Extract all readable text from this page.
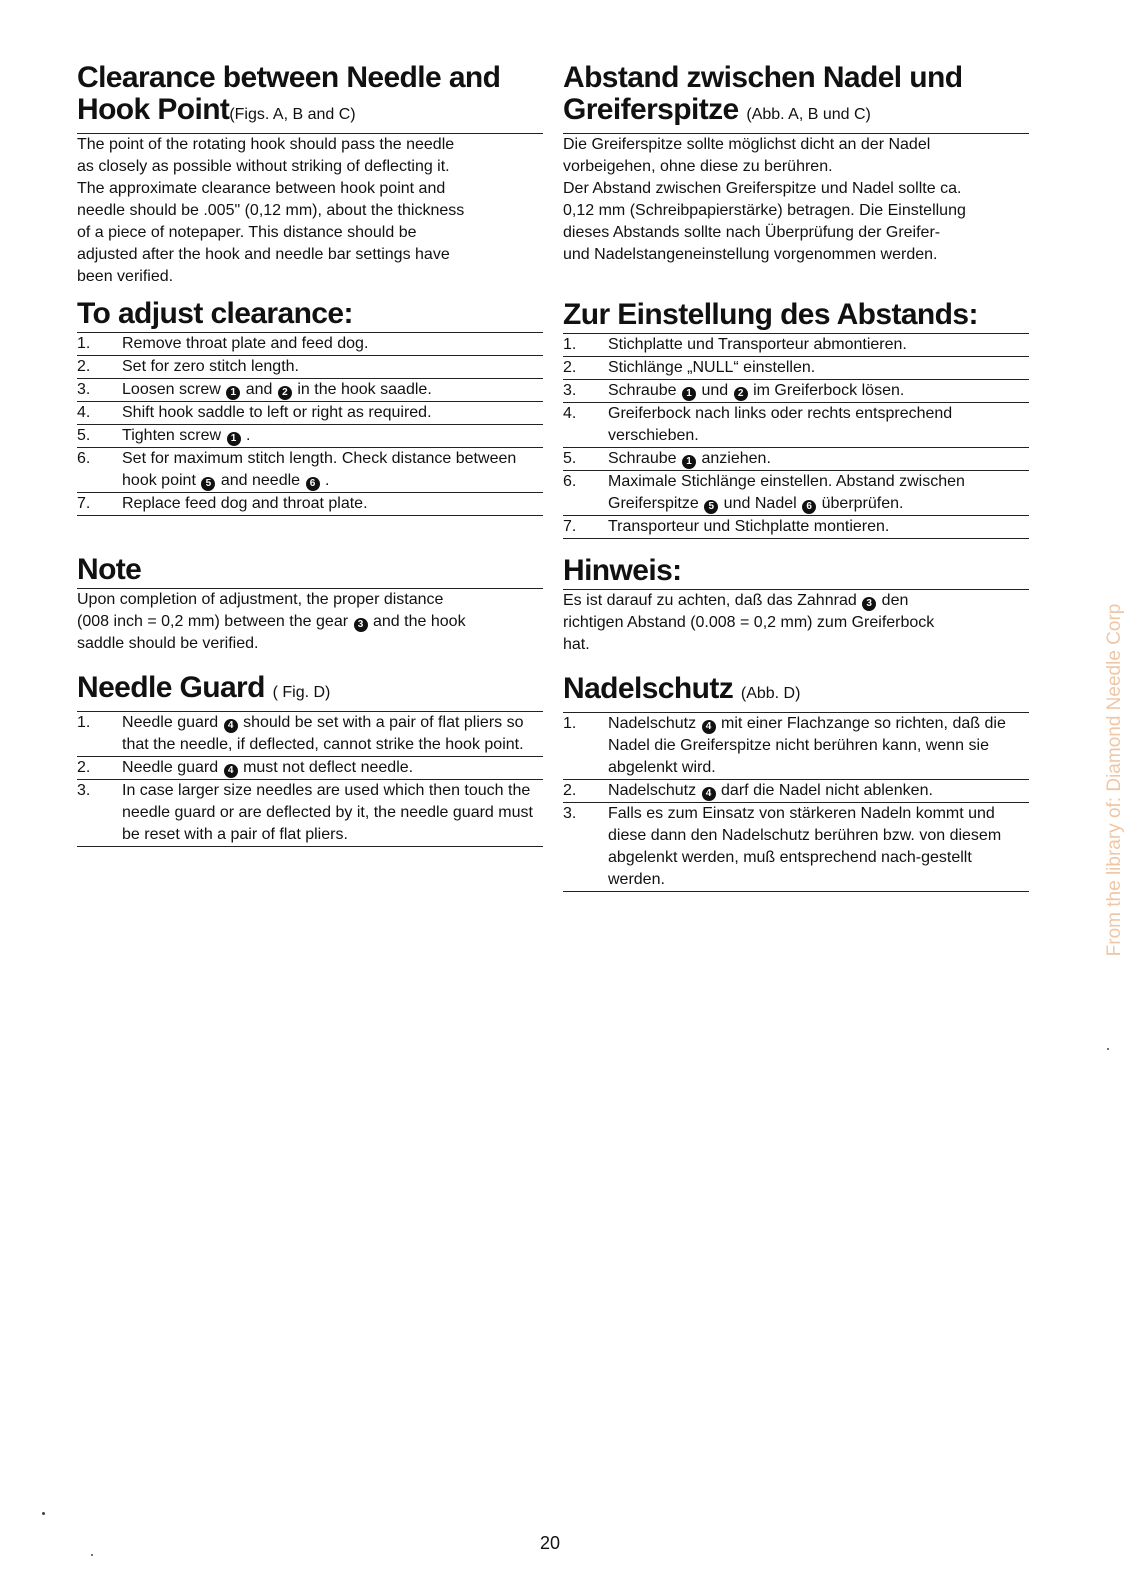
Clearance between Needle and
Hook Point(Figs. A, B and C)
The point of the rotating hook should pass the needle
as closely as possible without striking of deflecting it.
The approximate clearance between hook point and
needle should be .005" (0,12 mm), about the thickness
of a piece of notepaper. This distance should be
adjusted after the hook and needle bar settings have
been verified.
To adjust clearance:
1.	Remove throat plate and feed dog.
2.	Set for zero stitch length.
3.	Loosen screw 1 and 2 in the hook saadle.
4.	Shift hook saddle to left or right as required.
5.	Tighten screw 1 .
6.	Set for maximum stitch length. Check distance between hook point 5 and needle 6 .
7.	Replace feed dog and throat plate.
Note
Upon completion of adjustment, the proper distance
(008 inch = 0,2 mm) between the gear 3 and the hook
saddle should be verified.
Needle Guard ( Fig. D)
1.	Needle guard 4 should be set with a pair of flat pliers so that the needle, if deflected, cannot strike the hook point.
2.	Needle guard 4 must not deflect needle.
3.	In case larger size needles are used which then touch the needle guard or are deflected by it, the needle guard must be reset with a pair of flat pliers.
Abstand zwischen Nadel und
Greiferspitze (Abb. A, B und C)
Die Greiferspitze sollte möglichst dicht an der Nadel
vorbeigehen, ohne diese zu berühren.
Der Abstand zwischen Greiferspitze und Nadel sollte ca.
0,12 mm (Schreibpapierstärke) betragen. Die Einstellung
dieses Abstands sollte nach Überprüfung der Greifer-
und Nadelstangeneinstellung vorgenommen werden.
Zur Einstellung des Abstands:
1.	Stichplatte und Transporteur abmontieren.
2.	Stichlänge „NULL“ einstellen.
3.	Schraube 1 und 2 im Greiferbock lösen.
4.	Greiferbock nach links oder rechts entsprechend verschieben.
5.	Schraube 1 anziehen.
6.	Maximale Stichlänge einstellen. Abstand zwischen Greiferspitze 5 und Nadel 6 überprüfen.
7.	Transporteur und Stichplatte montieren.
Hinweis:
Es ist darauf zu achten, daß das Zahnrad 3 den
richtigen Abstand (0.008 = 0,2 mm) zum Greiferbock
hat.
Nadelschutz (Abb. D)
1.	Nadelschutz 4 mit einer Flachzange so richten, daß die Nadel die Greiferspitze nicht berühren kann, wenn sie abgelenkt wird.
2.	Nadelschutz 4 darf die Nadel nicht ablenken.
3.	Falls es zum Einsatz von stärkeren Nadeln kommt und diese dann den Nadelschutz berühren bzw. von diesem abgelenkt werden, muß entsprechend nach-gestellt werden.
20
From the library of: Diamond Needle Corp
